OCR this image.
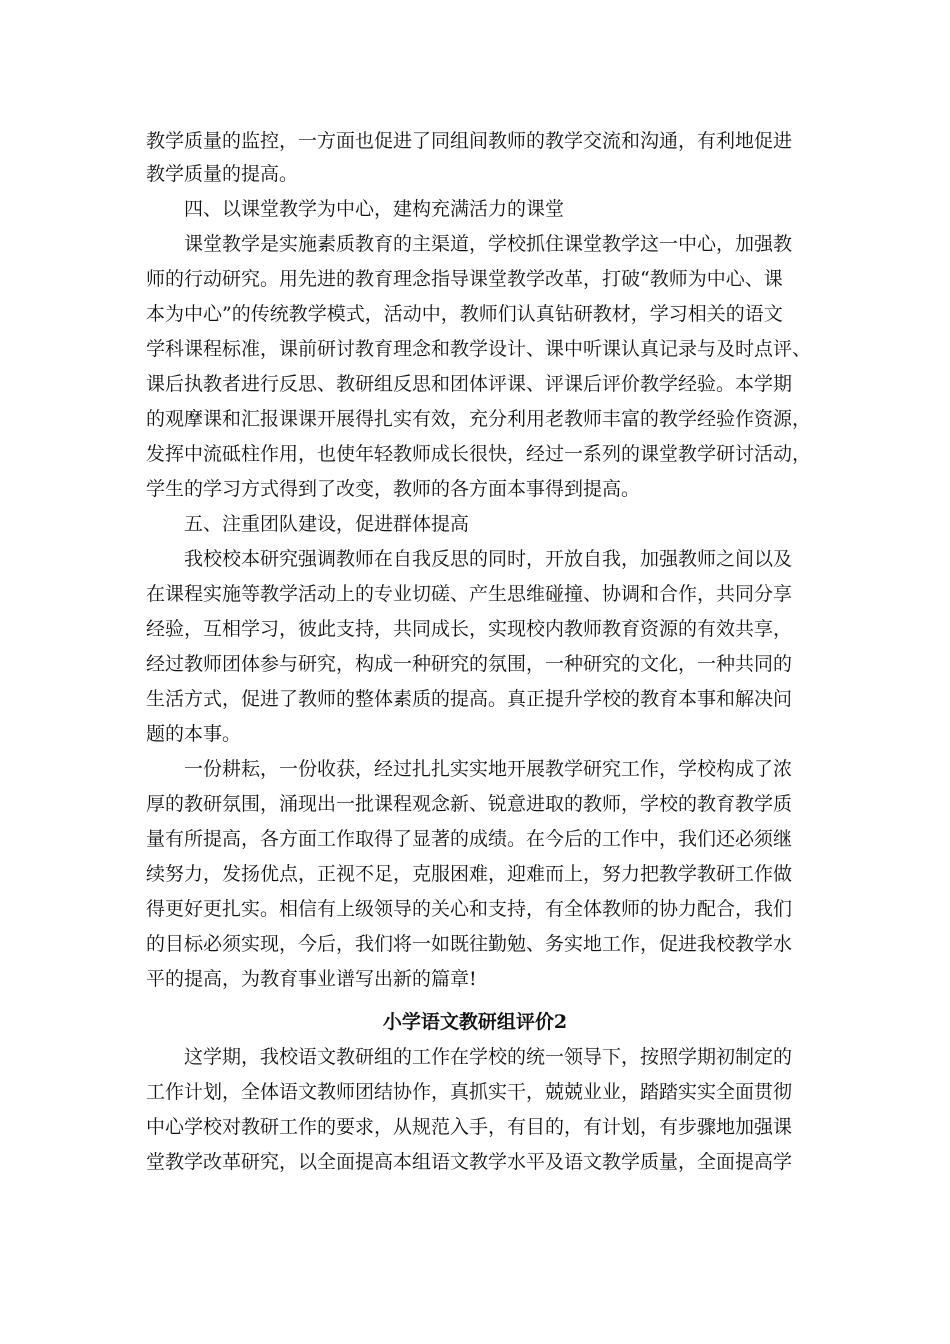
教学质量的监控，一方面也促进了同组间教师的教学交流和沟通，有利地促进
教学质量的提高。
四、以课堂教学为中心，建构充满活力的课堂
课堂教学是实施素质教育的主渠道，学校抓住课堂教学这一中心，加强教
师的行动研究。用先进的教育理念指导课堂教学改革，打破“教师为中心、课
本为中心”的传统教学模式，活动中，教师们认真钻研教材，学习相关的语文
学科课程标准，课前研讨教育理念和教学设计、课中听课认真记录与及时点评、
课后执教者进行反思、教研组反思和团体评课、评课后评价教学经验。本学期
的观摩课和汇报课课开展得扎实有效，充分利用老教师丰富的教学经验作资源，
发挥中流砥柱作用，也使年轻教师成长很快，经过一系列的课堂教学研讨活动，
学生的学习方式得到了改变，教师的各方面本事得到提高。
五、注重团队建设，促进群体提高
我校校本研究强调教师在自我反思的同时，开放自我，加强教师之间以及
在课程实施等教学活动上的专业切磋、产生思维碰撞、协调和合作，共同分享
经验，互相学习，彼此支持，共同成长，实现校内教师教育资源的有效共享，
经过教师团体参与研究，构成一种研究的氛围，一种研究的文化，一种共同的
生活方式，促进了教师的整体素质的提高。真正提升学校的教育本事和解决问
题的本事。
一份耕耘，一份收获，经过扎扎实实地开展教学研究工作，学校构成了浓
厚的教研氛围，涌现出一批课程观念新、锐意进取的教师，学校的教育教学质
量有所提高，各方面工作取得了显著的成绩。在今后的工作中，我们还必须继
续努力，发扬优点，正视不足，克服困难，迎难而上，努力把教学教研工作做
得更好更扎实。相信有上级领导的关心和支持，有全体教师的协力配合，我们
的目标必须实现，今后，我们将一如既往勤勉、务实地工作，促进我校教学水
平的提高，为教育事业谱写出新的篇章!
小学语文教研组评价2
这学期，我校语文教研组的工作在学校的统一领导下，按照学期初制定的
工作计划，全体语文教师团结协作，真抓实干，兢兢业业，踏踏实实全面贯彻
中心学校对教研工作的要求，从规范入手，有目的，有计划，有步骤地加强课
堂教学改革研究，以全面提高本组语文教学水平及语文教学质量，全面提高学
